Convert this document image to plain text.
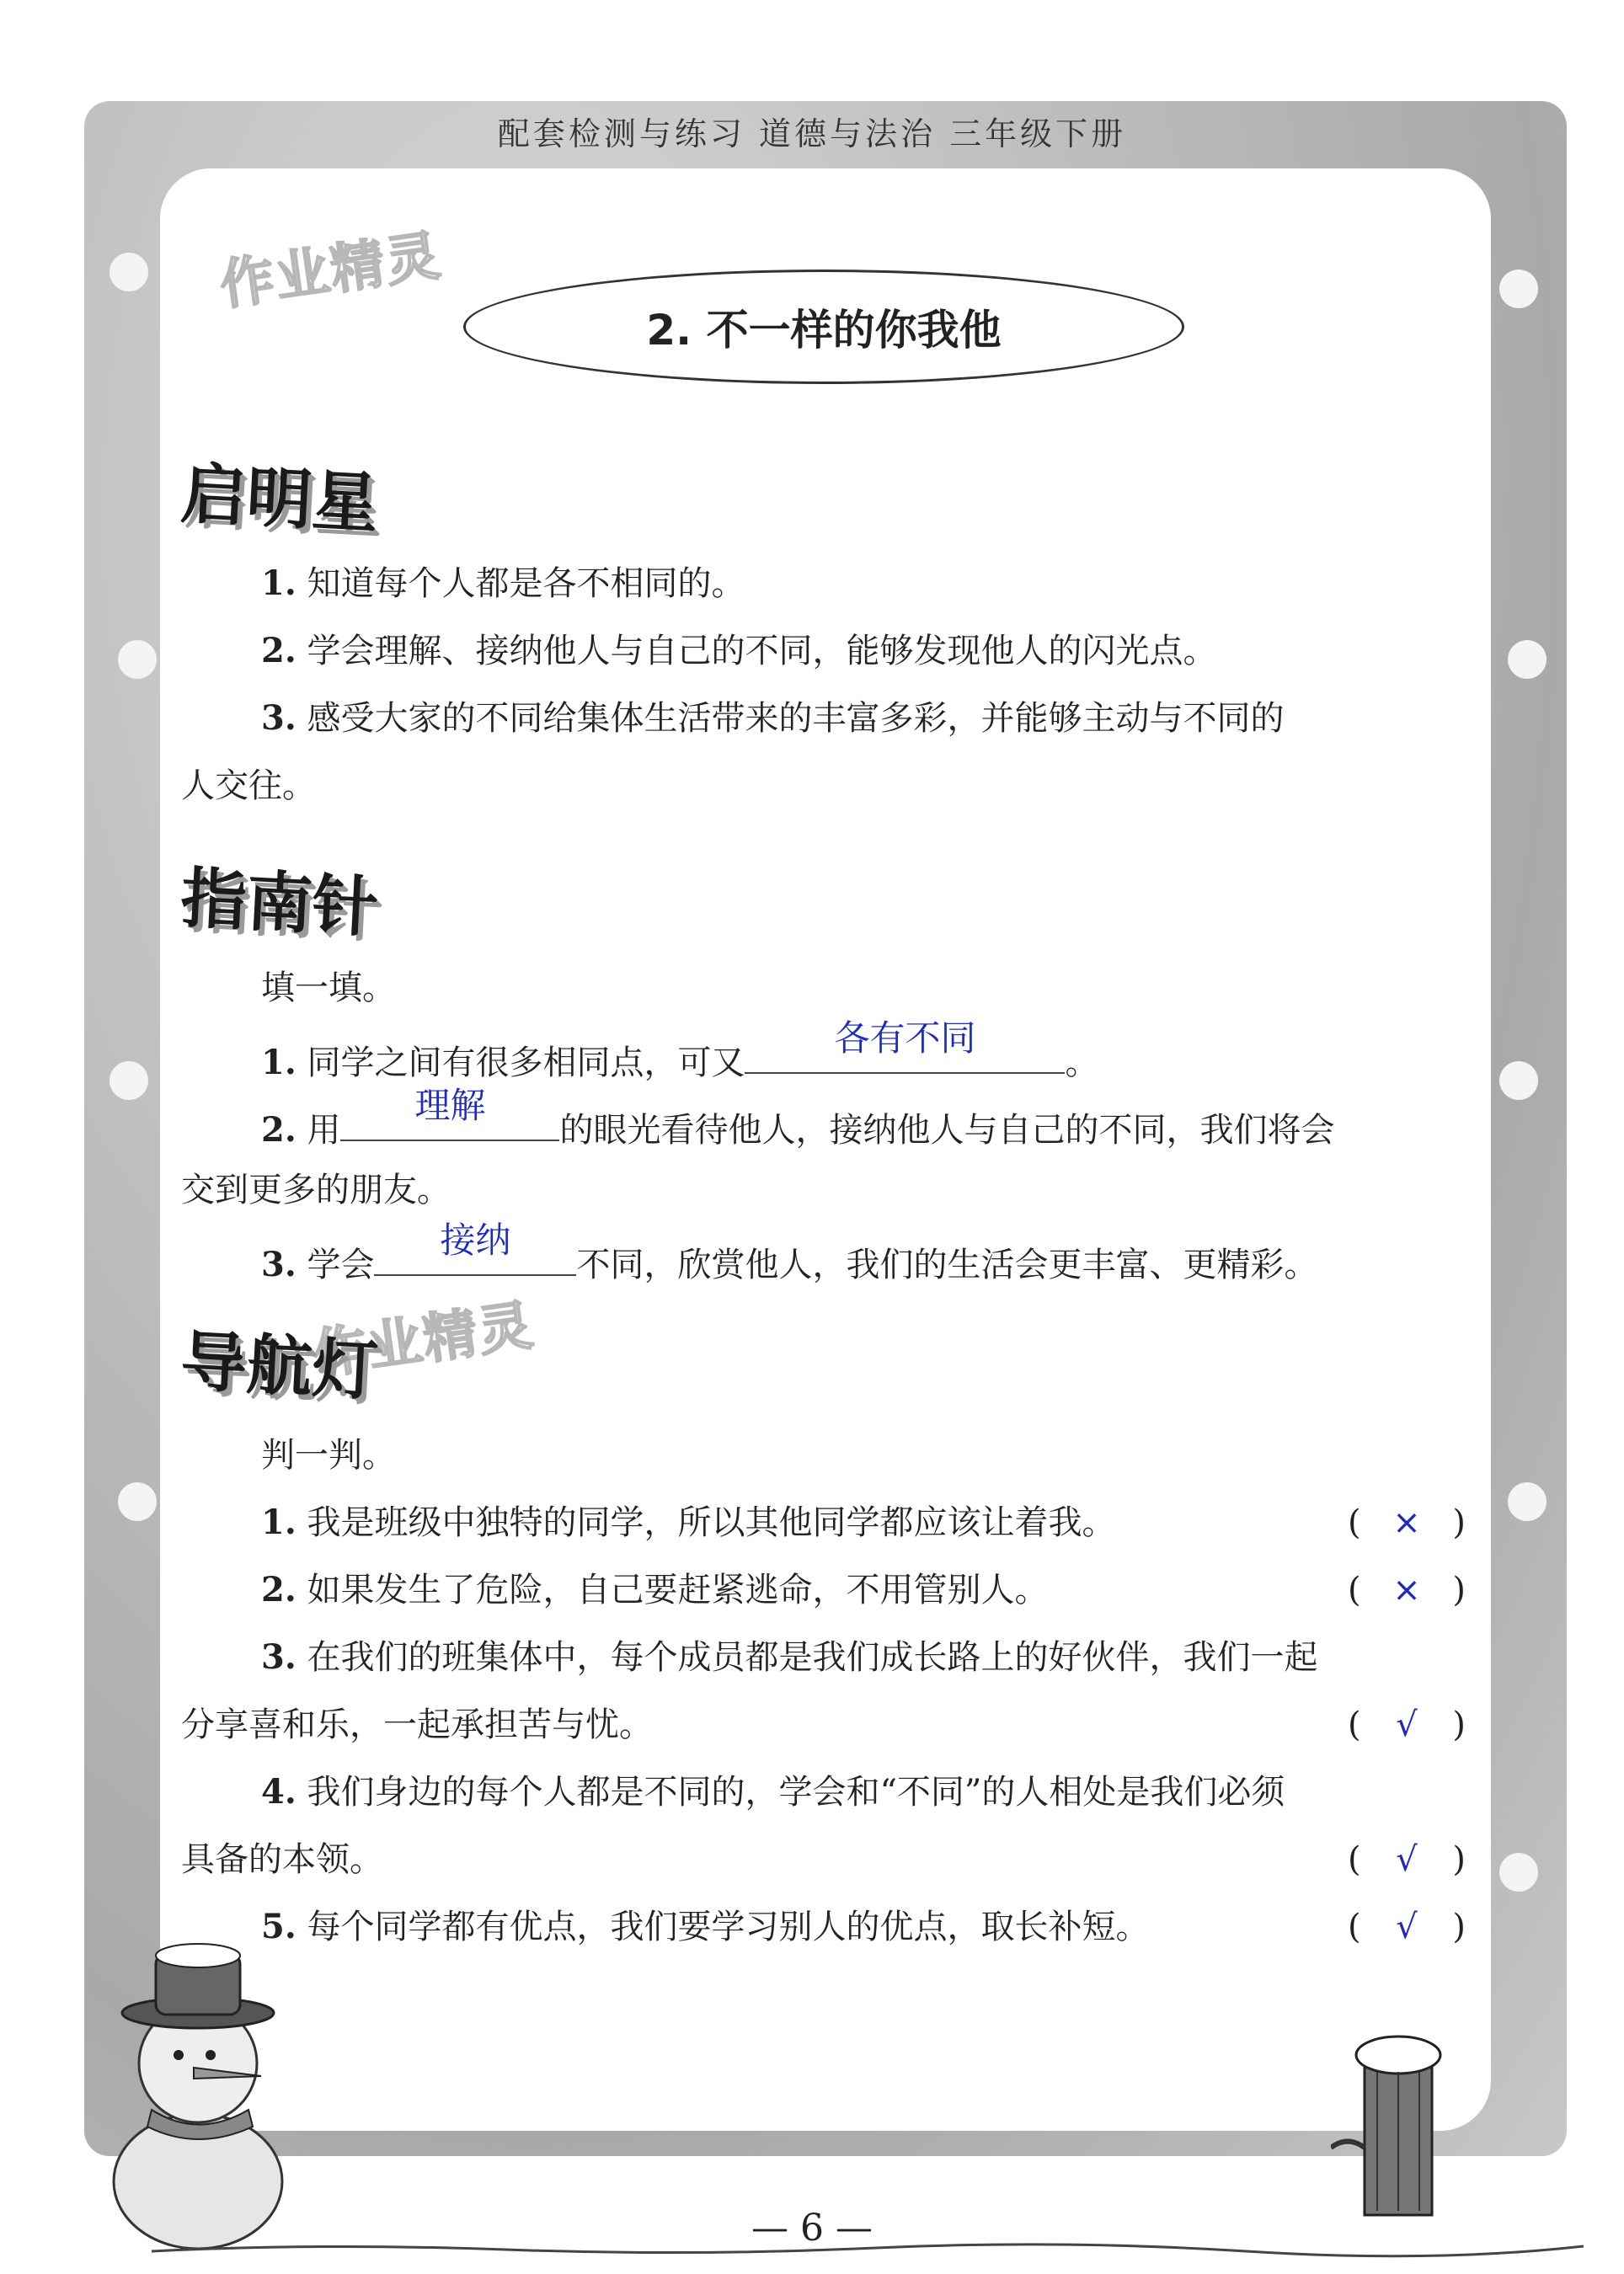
配套检测与练习 道德与法治 三年级下册
作业精灵
作业精灵
2. 不一样的你我他
启明星
1. 知道每个人都是各不相同的。
2. 学会理解、接纳他人与自己的不同，能够发现他人的闪光点。
3. 感受大家的不同给集体生活带来的丰富多彩，并能够主动与不同的
人交往。
指南针
填一填。
1. 同学之间有很多相同点，可又
各有不同
。
2. 用
理解
的眼光看待他人，接纳他人与自己的不同，我们将会
交到更多的朋友。
3. 学会
接纳
不同，欣赏他人，我们的生活会更丰富、更精彩。
导航灯
判一判。
1. 我是班级中独特的同学，所以其他同学都应该让着我。	( × )
2. 如果发生了危险，自己要赶紧逃命，不用管别人。	( × )
3. 在我们的班集体中，每个成员都是我们成长路上的好伙伴，我们一起
分享喜和乐，一起承担苦与忧。	( √ )
4. 我们身边的每个人都是不同的，学会和“不同”的人相处是我们必须
具备的本领。	( √ )
5. 每个同学都有优点，我们要学习别人的优点，取长补短。	( √ )
— 6 —
